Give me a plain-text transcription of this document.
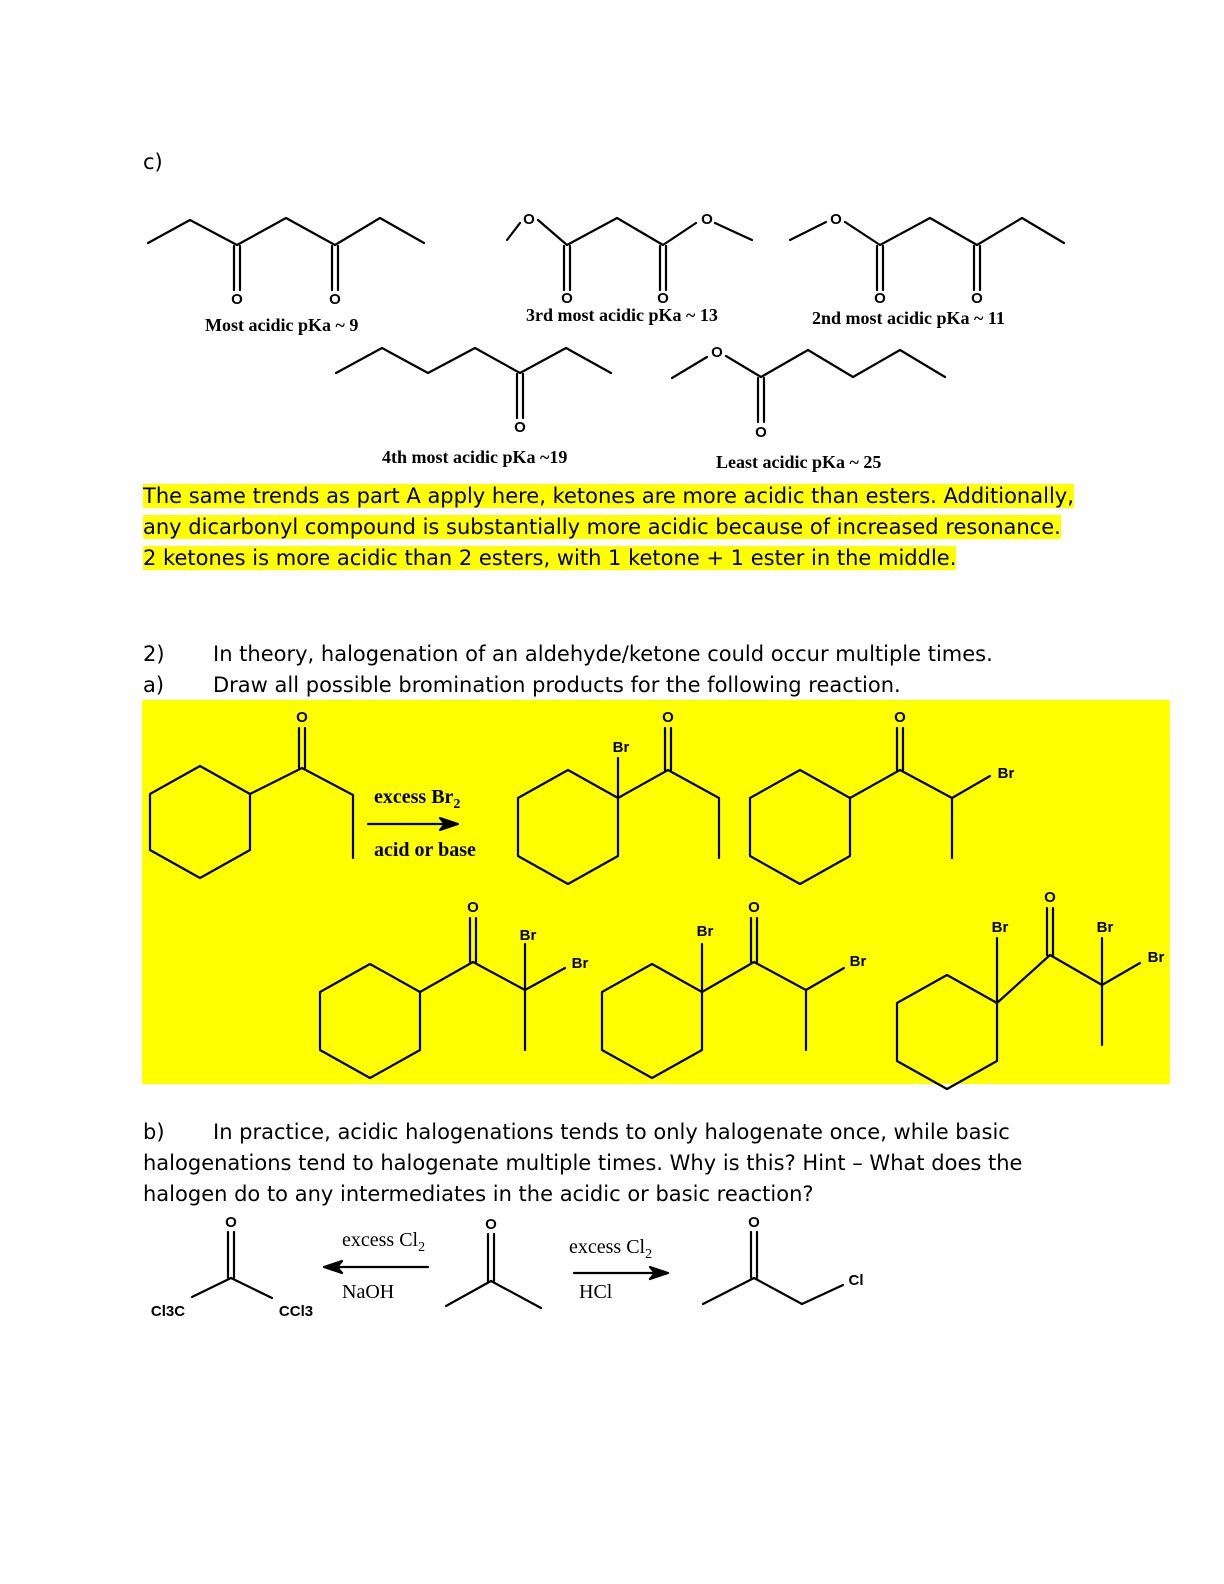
c)
Most acidic pKa ~ 9	3rd most acidic pKa ~ 13	2nd most acidic pKa ~ 11
4th most acidic pKa ~19	Least acidic pKa ~ 25
The same trends as part A apply here, ketones are more acidic than esters. Additionally,
any dicarbonyl compound is substantially more acidic because of increased resonance.
2 ketones is more acidic than 2 esters, with 1 ketone + 1 ester in the middle.
2) In theory, halogenation of an aldehyde/ketone could occur multiple times.
a) Draw all possible bromination products for the following reaction.
b) In practice, acidic halogenations tends to only halogenate once, while basic
halogenations tend to halogenate multiple times. Why is this? Hint – What does the
halogen do to any intermediates in the acidic or basic reaction?
O	O
O	O
O	O
O
O	O
O
O
O
O
excess $Br_2$
acid or base
O
Br
O
Br
O
Br
Br
O
Br
Br
O
Br	Br
Br
O
Cl3C	CCl3
excess $Cl_2$
NaOH
O
excess $Cl_2$
HCl
O
Cl
